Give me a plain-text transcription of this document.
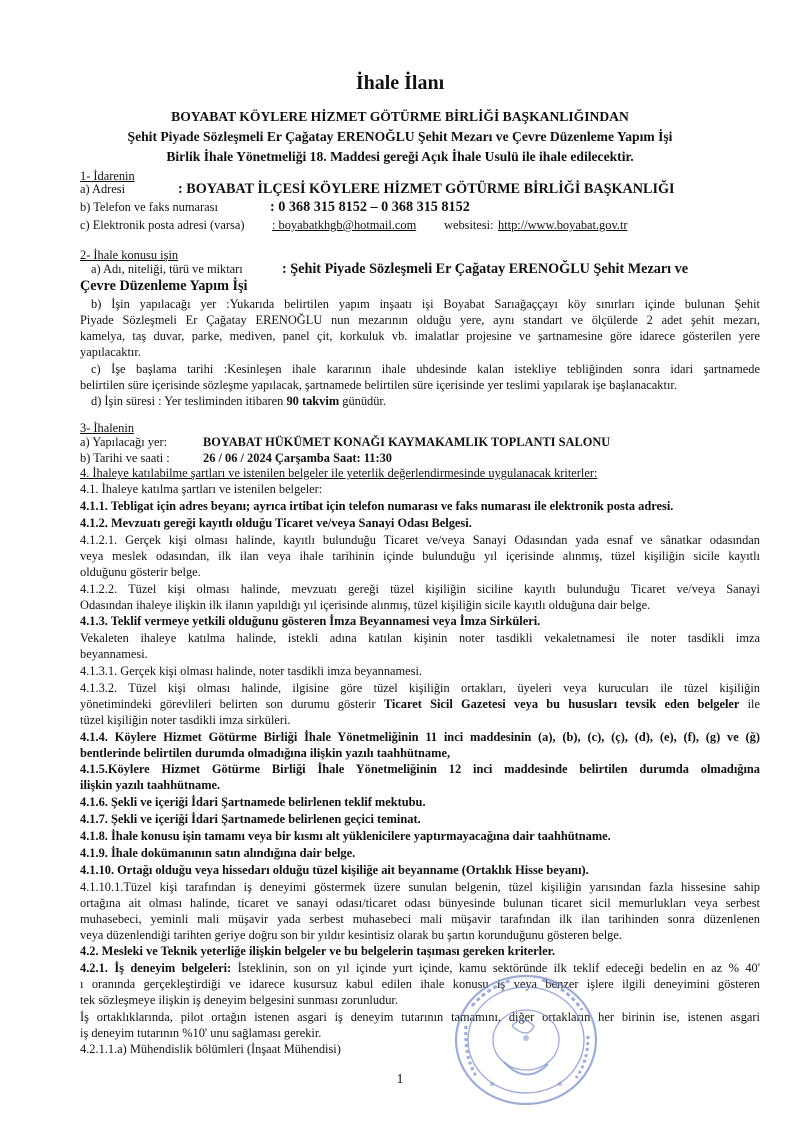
İhale İlanı
BOYABAT KÖYLERE HİZMET GÖTÜRME BİRLİĞİ BAŞKANLIĞINDAN
Şehit Piyade Sözleşmeli Er Çağatay ERENOĞLU Şehit Mezarı ve Çevre Düzenleme Yapım İşi
Birlik İhale Yönetmeliği 18. Maddesi gereği Açık İhale Usulü ile ihale edilecektir.
1- İdarenin
a) Adresi	: BOYABAT İLÇESİ KÖYLERE HİZMET GÖTÜRME BİRLİĞİ BAŞKANLIĞI
b) Telefon ve faks numarası	: 0 368 315 8152 – 0 368 315 8152
c) Elektronik posta adresi (varsa) : boyabatkhgb@hotmail.com websitesi: http://www.boyabat.gov.tr
2- İhale konusu işin
a) Adı, niteliği, türü ve miktarı	: Şehit Piyade Sözleşmeli Er Çağatay ERENOĞLU Şehit Mezarı ve
Çevre Düzenleme Yapım İşi
b) İşin yapılacağı yer :Yukarıda belirtilen yapım inşaatı işi Boyabat Sarıağaççayı köy sınırları içinde bulunan Şehit
Piyade Sözleşmeli Er Çağatay ERENOĞLU nun mezarının olduğu yere, aynı standart ve ölçülerde 2 adet şehit mezarı,
kamelya, taş duvar, parke, mediven, panel çit, korkuluk vb. imalatlar projesine ve şartnamesine göre idarece gösterilen yere
yapılacaktır.
c) İşe başlama tarihi :Kesinleşen ihale kararının ihale uhdesinde kalan istekliye tebliğinden sonra idari şartnamede
belirtilen süre içerisinde sözleşme yapılacak, şartnamede belirtilen süre içerisinde yer teslimi yapılarak işe başlanacaktır.
d) İşin süresi : Yer tesliminden itibaren 90 takvim günüdür.
3- İhalenin
a) Yapılacağı yer:	BOYABAT HÜKÜMET KONAĞI KAYMAKAMLIK TOPLANTI SALONU
b) Tarihi ve saati :	26 / 06 / 2024 Çarşamba Saat: 11:30
4. İhaleye katılabilme şartları ve istenilen belgeler ile yeterlik değerlendirmesinde uygulanacak kriterler:
4.1. İhaleye katılma şartları ve istenilen belgeler:
4.1.1. Tebligat için adres beyanı; ayrıca irtibat için telefon numarası ve faks numarası ile elektronik posta adresi.
4.1.2. Mevzuatı gereği kayıtlı olduğu Ticaret ve/veya Sanayi Odası Belgesi.
4.1.2.1. Gerçek kişi olması halinde, kayıtlı bulunduğu Ticaret ve/veya Sanayi Odasından yada esnaf ve sânatkar odasından
veya meslek odasından, ilk ilan veya ihale tarihinin içinde bulunduğu yıl içerisinde alınmış, tüzel kişiliğin sicile kayıtlı
olduğunu gösterir belge.
4.1.2.2. Tüzel kişi olması halinde, mevzuatı gereği tüzel kişiliğin siciline kayıtlı bulunduğu Ticaret ve/veya Sanayi
Odasından ihaleye ilişkin ilk ilanın yapıldığı yıl içerisinde alınmış, tüzel kişiliğin sicile kayıtlı olduğuna dair belge.
4.1.3. Teklif vermeye yetkili olduğunu gösteren İmza Beyannamesi veya İmza Sirküleri.
Vekaleten ihaleye katılma halinde, istekli adına katılan kişinin noter tasdikli vekaletnamesi ile noter tasdikli imza
beyannamesi.
4.1.3.1. Gerçek kişi olması halinde, noter tasdikli imza beyannamesi.
4.1.3.2. Tüzel kişi olması halinde, ilgisine göre tüzel kişiliğin ortakları, üyeleri veya kurucuları ile tüzel kişiliğin
yönetimindeki görevlileri belirten son durumu gösterir Ticaret Sicil Gazetesi veya bu hususları tevsik eden belgeler ile
tüzel kişiliğin noter tasdikli imza sirküleri.
4.1.4. Köylere Hizmet Götürme Birliği İhale Yönetmeliğinin 11 inci maddesinin (a), (b), (c), (ç), (d), (e), (f), (g) ve (ğ)
bentlerinde belirtilen durumda olmadığına ilişkin yazılı taahhütname,
4.1.5.Köylere Hizmet Götürme Birliği İhale Yönetmeliğinin 12 inci maddesinde belirtilen durumda olmadığına
ilişkin yazılı taahhütname.
4.1.6. Şekli ve içeriği İdari Şartnamede belirlenen teklif mektubu.
4.1.7. Şekli ve içeriği İdari Şartnamede belirlenen geçici teminat.
4.1.8. İhale konusu işin tamamı veya bir kısmı alt yüklenicilere yaptırmayacağına dair taahhütname.
4.1.9. İhale dokümanının satın alındığına dair belge.
4.1.10. Ortağı olduğu veya hissedarı olduğu tüzel kişiliğe ait beyanname (Ortaklık Hisse beyanı).
4.1.10.1.Tüzel kişi tarafından iş deneyimi göstermek üzere sunulan belgenin, tüzel kişiliğin yarısından fazla hissesine sahip
ortağına ait olması halinde, ticaret ve sanayi odası/ticaret odası bünyesinde bulunan ticaret sicil memurlukları veya serbest
muhasebeci, yeminli mali müşavir yada serbest muhasebeci mali müşavir tarafından ilk ilan tarihinden sonra düzenlenen
veya düzenlendiği tarihten geriye doğru son bir yıldır kesintisiz olarak bu şartın korunduğunu gösteren belge.
4.2. Mesleki ve Teknik yeterliğe ilişkin belgeler ve bu belgelerin taşıması gereken kriterler.
4.2.1. İş deneyim belgeleri: İsteklinin, son on yıl içinde yurt içinde, kamu sektöründe ilk teklif edeceği bedelin en az % 40'
ı oranında gerçekleştirdiği ve idarece kusursuz kabul edilen ihale konusu iş veya benzer işlere ilgili deneyimini gösteren
tek sözleşmeye ilişkin iş deneyim belgesini sunması zorunludur.
İş ortaklıklarında, pilot ortağın istenen asgari iş deneyim tutarının tamamını, diğer ortakların her birinin ise, istenen asgari
iş deneyim tutarının %10' unu sağlaması gerekir.
4.2.1.1.a) Mühendislik bölümleri (İnşaat Mühendisi)
1
